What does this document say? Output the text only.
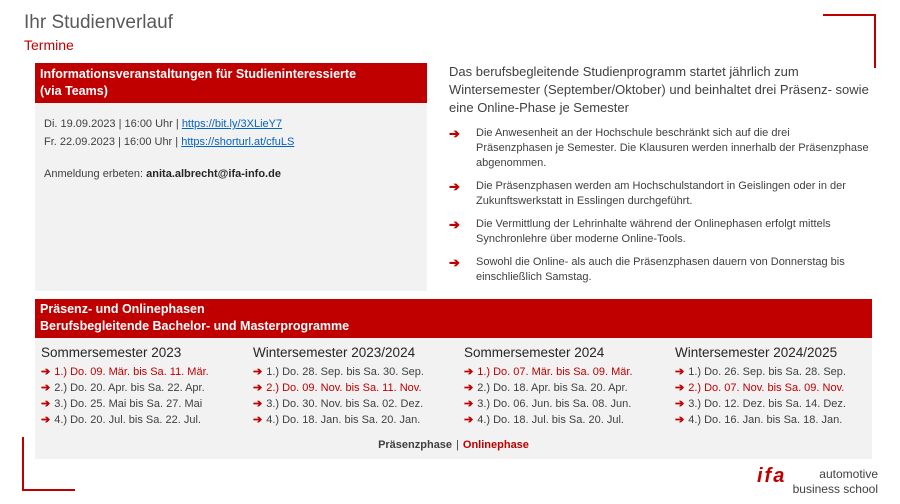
Ihr Studienverlauf
Termine
Informationsveranstaltungen für Studieninteressierte
(via Teams)
Di. 19.09.2023 | 16:00 Uhr | https://bit.ly/3XLieY7
Fr. 22.09.2023 | 16:00 Uhr | https://shorturl.at/cfuLS
Anmeldung erbeten: anita.albrecht@ifa-info.de
Das berufsbegleitende Studienprogramm startet jährlich zum Wintersemester (September/Oktober) und beinhaltet drei Präsenz- sowie eine Online-Phase je Semester
➔ Die Anwesenheit an der Hochschule beschränkt sich auf die drei Präsenzphasen je Semester. Die Klausuren werden innerhalb der Präsenzphase abgenommen.
➔ Die Präsenzphasen werden am Hochschulstandort in Geislingen oder in der Zukunftswerkstatt in Esslingen durchgeführt.
➔ Die Vermittlung der Lehrinhalte während der Onlinephasen erfolgt mittels Synchronlehre über moderne Online-Tools.
➔ Sowohl die Online- als auch die Präsenzphasen dauern von Donnerstag bis einschließlich Samstag.
Präsenz- und Onlinephasen
Berufsbegleitende Bachelor- und Masterprogramme
Sommersemester 2023
➔ 1.) Do. 09. Mär. bis Sa. 11. Mär.
➔ 2.) Do. 20. Apr. bis Sa. 22. Apr.
➔ 3.) Do. 25. Mai bis Sa. 27. Mai
➔ 4.) Do. 20. Jul. bis Sa. 22. Jul.
Wintersemester 2023/2024
➔ 1.) Do. 28. Sep. bis Sa. 30. Sep.
➔ 2.) Do. 09. Nov. bis Sa. 11. Nov.
➔ 3.) Do. 30. Nov. bis Sa. 02. Dez.
➔ 4.) Do. 18. Jan. bis Sa. 20. Jan.
Sommersemester 2024
➔ 1.) Do. 07. Mär. bis Sa. 09. Mär.
➔ 2.) Do. 18. Apr. bis Sa. 20. Apr.
➔ 3.) Do. 06. Jun. bis Sa. 08. Jun.
➔ 4.) Do. 18. Jul. bis Sa. 20. Jul.
Wintersemester 2024/2025
➔ 1.) Do. 26. Sep. bis Sa. 28. Sep.
➔ 2.) Do. 07. Nov. bis Sa. 09. Nov.
➔ 3.) Do. 12. Dez. bis Sa. 14. Dez.
➔ 4.) Do. 16. Jan. bis Sa. 18. Jan.
Präsenzphase | Onlinephase
ifa	automotive
business school
